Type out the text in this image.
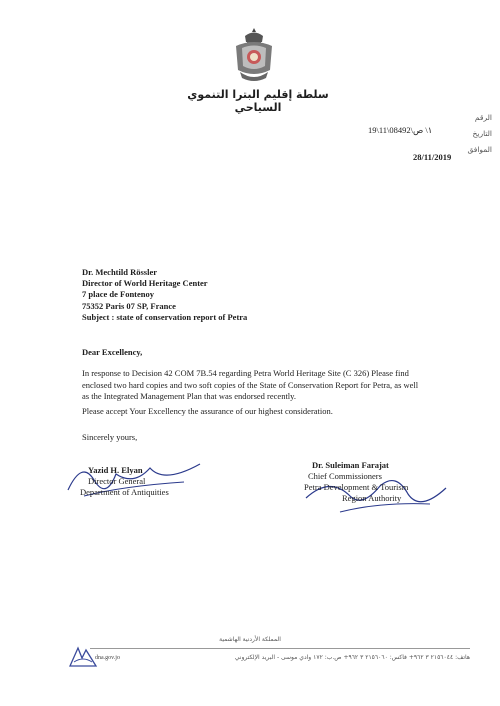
سلطة إقليم البترا التنموي السياحي
الرقم
التاريخ
الموافق
19\11\08492\١\ ص
28/11/2019
Dr. Mechtild Rössler
Director of World Heritage Center
7 place de Fontenoy
75352 Paris 07 SP, France
Subject : state of conservation report of Petra
Dear Excellency,
In response to Decision 42 COM 7B.54 regarding Petra World Heritage Site (C 326) Please find enclosed two hard copies and two soft copies of the State of Conservation Report for Petra, as well as the Integrated Management Plan that was endorsed recently.
Please accept Your Excellency the assurance of our highest consideration.
Sincerely yours,
Yazid H. Elyan
Director General
Department of Antiquities
Dr. Suleiman Farajat
Chief Commissioners
Petra Development & Tourism
Region Authority
المملكة الأردنية الهاشمية
dna.gov.jo	هاتف: ٢١٥٦٠٤٤ ٣ ٩٦٢+ فاكس: ٢١٥٦٠٦٠ ٣ ٩٦٢+ ص.ب: ١٧٢ وادي موسى - البريد الإلكتروني
